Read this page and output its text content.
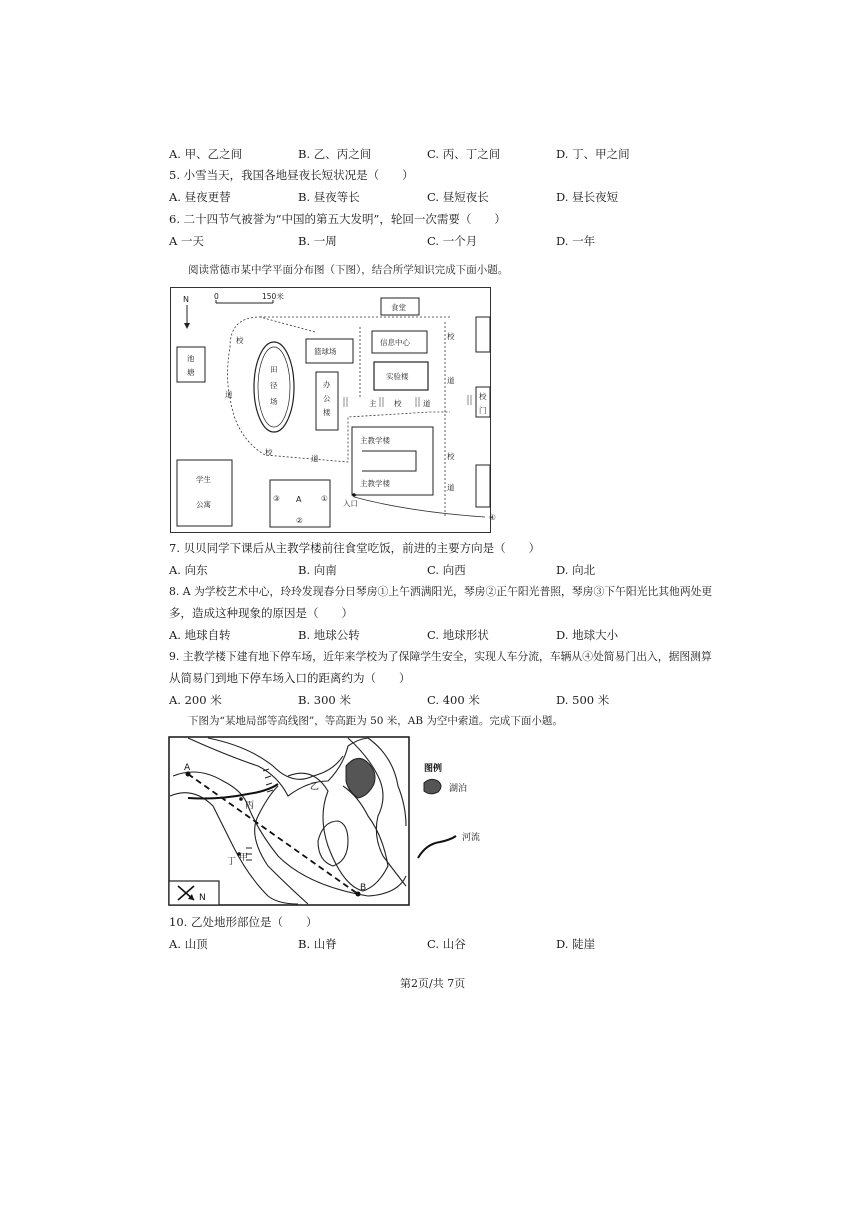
A. 甲、乙之间	B. 乙、丙之间	C. 丙、丁之间	D. 丁、甲之间
5. 小雪当天，我国各地昼夜长短状况是（　　）
A. 昼夜更替	B. 昼夜等长	C. 昼短夜长	D. 昼长夜短
6. 二十四节气被誉为“中国的第五大发明”，轮回一次需要（　　）
A 一天	B. 一周	C. 一个月	D. 一年
阅读常德市某中学平面分布图（下图），结合所学知识完成下面小题。
N	0	150米
食堂
池
塘	田
径
场
篮球场
办
公
楼
信息中心
实验楼
校
道
校
道
校
道
校
道
主 校	道
校
门
主教学楼
主教学楼
学生
公寓
③ A	①
②
入口
④
7. 贝贝同学下课后从主教学楼前往食堂吃饭，前进的主要方向是（　　）
A. 向东	B. 向南	C. 向西	D. 向北
8. A 为学校艺术中心，玲玲发现春分日琴房①上午洒满阳光，琴房②正午阳光普照，琴房③下午阳光比其他两处更
多，造成这种现象的原因是（　　）
A. 地球自转	B. 地球公转	C. 地球形状	D. 地球大小
9. 主教学楼下建有地下停车场，近年来学校为了保障学生安全，实现人车分流，车辆从④处简易门出入，据图测算
从简易门到地下停车场入口的距离约为（　　）
A. 200 米	B. 300 米	C. 400 米	D. 500 米
下图为“某地局部等高线图”，等高距为 50 米，AB 为空中索道。完成下面小题。
A
B
丙
乙
丁 甲
N
图例
湖泊
河流
10. 乙处地形部位是（　　）
A. 山顶	B. 山脊	C. 山谷	D. 陡崖
第2页/共 7页
